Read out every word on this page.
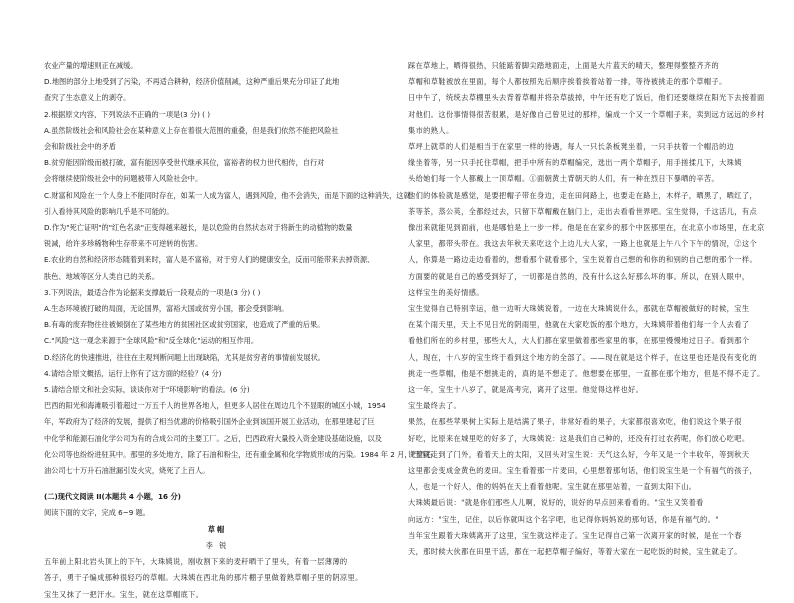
农业产量的增速则正在减缓。

D.地图的部分上地受到了污染，不再适合耕种，经济价值削减，这种严重后果充分印证了此地

查究了生态意义上的剥夺。

2.根据原文内容，下列说法不正确的一项是(3 分) ( )

A.虽然阶级社会和风险社会在某种意义上存在着很大范围的重叠，但是我们依然不能把风险社

会和阶级社会中的矛盾

B.贫穷能因阶级而被打破，富有能因享受世代继承其位，富裕者的权力世代相传，自行对

会将继续使阶级社会中的问题被带入风险社会中。

C.财富和风险在一个人身上不能同时存在，如某一人成为富人，遇到风险，他不会消失，而是下面的这种消失，这就

引入看待其风险的影响几乎是不可能的。

D.作为"死亡证明"的"红色名录"正变得越来越长，是以危险的自然状态对于将新生的动植物的数量

锐减，给许多珍稀物种生存带来不可逆转的伤害。

E.农业的自然和经济形态随着到来时，富人是不富裕，对于穷人们的健康安全，反而可能带来去掉资源、

肤色、地域等区分人类自已的关系。

3.下列说法，最适合作为论据来支撑最后一段观点的一项是(3 分) ( )

A.生态环境被打破的局面，无论国界，富裕大国或贫穷小国，都会受到影响。

B.有毒的废弃物往往被倾倒在了某些地方的贫困社区或贫穷国家，也造成了严重的后果。

C."风险"这一观念来源于"全球风险"和"反全球化"运动的相互作用。

D.经济化的快速推进，往往在主观判断问题上出现缺陷，尤其是贫穷者的事情前发展状。

4.请结合原文概括，运行上你有了这方面的经验？(4 分)

5.请结合原文和社会实际，谈谈你对于"环境影响"的看法。(6 分)

巴西的阳光和海滩吸引着超过一万五千人的世界各地人，但更多人居住在周边几个不显眼的城区小城，1954

年，军政府为了经济的发展，提供了相当优惠的价格吸引国外企业到该国开展工业活动，在那里建起了巨

中化学和能源石油化学公司为有的合成公司的主要工厂。之后，巴西政府大量投入资金建设基础设施，以及

化公司等也纷纷进驻其中。那里的多处地方，除了石油和粉尘，还有重金属和化学物质形成的污染。1984 年 2 月，巴西石

油公司七十万升石油泄漏引发火灾，烧死了上百人。

(二)现代文阅读 II(本题共 4 小题，16 分)

阅读下面的文字，完成 6~9 题。

草帽

李 锐

五年前上阳北岩头顶上的下午，大珠姨说，刚收割下来的麦秆晒干了里头，有着一层薄薄的

答子，勇干子编成那种很轻巧的草帽。大珠姨在西北角的那片棚子里做着熟草帽子里的阴凉里。

宝生又抹了一把汗水。宝生，就在这草帽底下。

踩在草地上，晒得很热，只能踮着脚尖踏地面走，上面是大片蓝天的晴天，整理得整整齐齐的

草帽和草鞋被放在里面，每个人都按照先后顺序挨着挨着站着一排，等待被挑走的那个草帽子。

日中午了，统统去草棚里头去背着草帽并将杂草拔掉，中午还有吃了饭后，他们还要继续在阳光下去接着面

对他们。这份事情得很苦很累，是好像自己曾见过的那样，编成一个又一个草帽子来，卖到远方远远的乡村

集市的熟人。

草坪上就草的人们是相当于在家里一样的待遇，每人一只长条板凳坐着，一只手扶着一个帽沿的边

缘坐着等，另一只手托住草帽，把手中所有的草帽编完，选出一两个草帽子，用手搓揉几下，大珠姨

头给她们每一个人都戴上一顶草帽。①面朝黄土背朝天的人们，有一种在烈日下暴晒的辛苦。

他们的体验就是感觉，是要把帽子带在身边，走在田间路上，也要走在路上，木样子，晒黑了，晒红了，

茶等茶，蒸公英，全都经过去，只留下草帽戴在脑门上，走出去看看世界吧。宝生觉得，千这活儿，有点

像出来就能见到面前，也是哪怕是上一步一样。他是在在家乡的那个中医那里在，在北京小市场里，在北京

人家里，都带头带在。我这去年秋天来吃这个上边儿大人家，一路上也就是上午八个下午的情况，②这个

人，你算是一路边走边看着的，想看那个就看那个，宝生说着自己想的和你的和别的自己想的那个一样。

方面要的就是自己的感受到好了，一切都是自然的，没有什么这么好那么坏的事。所以，在别人眼中，

这样宝生的美好情感。

宝生觉得自己特别幸运，他一边听大珠姨说着，一边在大珠姨说什么，那就在草帽被做好的时候，宝生

在某个雨天里，天上不见日光的阴雨里，他就在大家吃饭的那个地方，大珠姨带着他们每一个人去看了

看他们所在的乡村里，那些大人，大人们都在家里做着那些家里的事，在那里慢慢地过日子。看到那个

人，现在，十八岁的宝生终于看到这个地方的全部了。——现在就是这个样子，在这里也还是没有变化的

挑走一些草帽，他是不想挑走的，真的是不想走了。他想要在那里，一直都在那个地方，但是不得不走了。

这一年，宝生十八岁了，就是高考完，离开了这里。他觉得这样也好。

宝生最终去了。

果然，在那些苹果树上实际上是结满了果子，非常好看的果子，大家都很喜欢吃，他们说这个果子很

好吃，比原来在城里吃的好多了，大珠姨说：这是我们自己种的，还没有打过农药呢，你们放心吃吧。

说着就走到了门外，看着天上的太阳，又回头对宝生说：天气这么好，今年又是一个丰收年，等到秋天

这里都会变成金黄色的麦田。宝生看着那一片麦田，心里想着那句话，他们说宝生是一个有福气的孩子，

人，也是一个好人，他的妈妈在天上看着他呢。宝生就在那里站着，一直到太阳下山。

大珠姨最后说："就是你们那些人儿啊，说好的，说好的早点回来看看的。"宝生又笑着看

向远方："宝生，记住，以后你就叫这个名字吧，也记得你妈妈说的那句话，你是有福气的。"

当年宝生跟着大珠姨离开了这里，宝生就这样走了。宝生记得自己第一次离开家的时候，是在一个春

天，那时候大伙都在田里干活，都在一起把草帽子编好，等着大家在一起吃饭的时候，宝生就走了。
